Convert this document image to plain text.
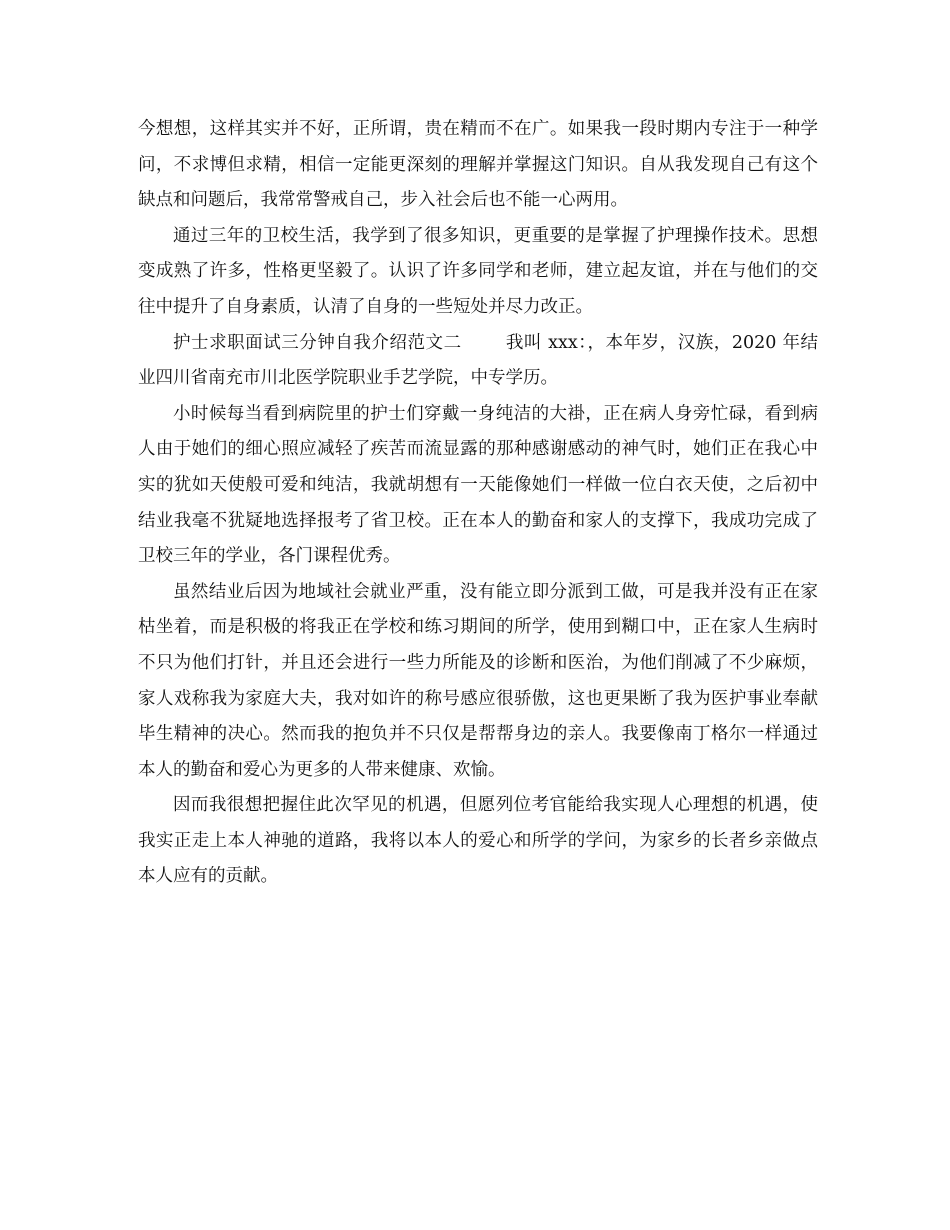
今想想，这样其实并不好，正所谓，贵在精而不在广。如果我一段时期内专注于一种学问，不求博但求精，相信一定能更深刻的理解并掌握这门知识。自从我发现自己有这个缺点和问题后，我常常警戒自己，步入社会后也不能一心两用。

通过三年的卫校生活，我学到了很多知识，更重要的是掌握了护理操作技术。思想变成熟了许多，性格更坚毅了。认识了许多同学和老师，建立起友谊，并在与他们的交往中提升了自身素质，认清了自身的一些短处并尽力改正。

护士求职面试三分钟自我介绍范文二	我叫 xxx：，本年岁，汉族，2020 年结业四川省南充市川北医学院职业手艺学院，中专学历。

小时候每当看到病院里的护士们穿戴一身纯洁的大褂，正在病人身旁忙碌，看到病人由于她们的细心照应减轻了疾苦而流显露的那种感谢感动的神气时，她们正在我心中实的犹如天使般可爱和纯洁，我就胡想有一天能像她们一样做一位白衣天使，之后初中结业我毫不犹疑地选择报考了省卫校。正在本人的勤奋和家人的支撑下，我成功完成了卫校三年的学业，各门课程优秀。

虽然结业后因为地域社会就业严重，没有能立即分派到工做，可是我并没有正在家枯坐着，而是积极的将我正在学校和练习期间的所学，使用到糊口中，正在家人生病时不只为他们打针，并且还会进行一些力所能及的诊断和医治，为他们削减了不少麻烦，家人戏称我为家庭大夫，我对如许的称号感应很骄傲，这也更果断了我为医护事业奉献毕生精神的决心。然而我的抱负并不只仅是帮帮身边的亲人。我要像南丁格尔一样通过本人的勤奋和爱心为更多的人带来健康、欢愉。

因而我很想把握住此次罕见的机遇，但愿列位考官能给我实现人心理想的机遇，使我实正走上本人神驰的道路，我将以本人的爱心和所学的学问，为家乡的长者乡亲做点本人应有的贡献。
